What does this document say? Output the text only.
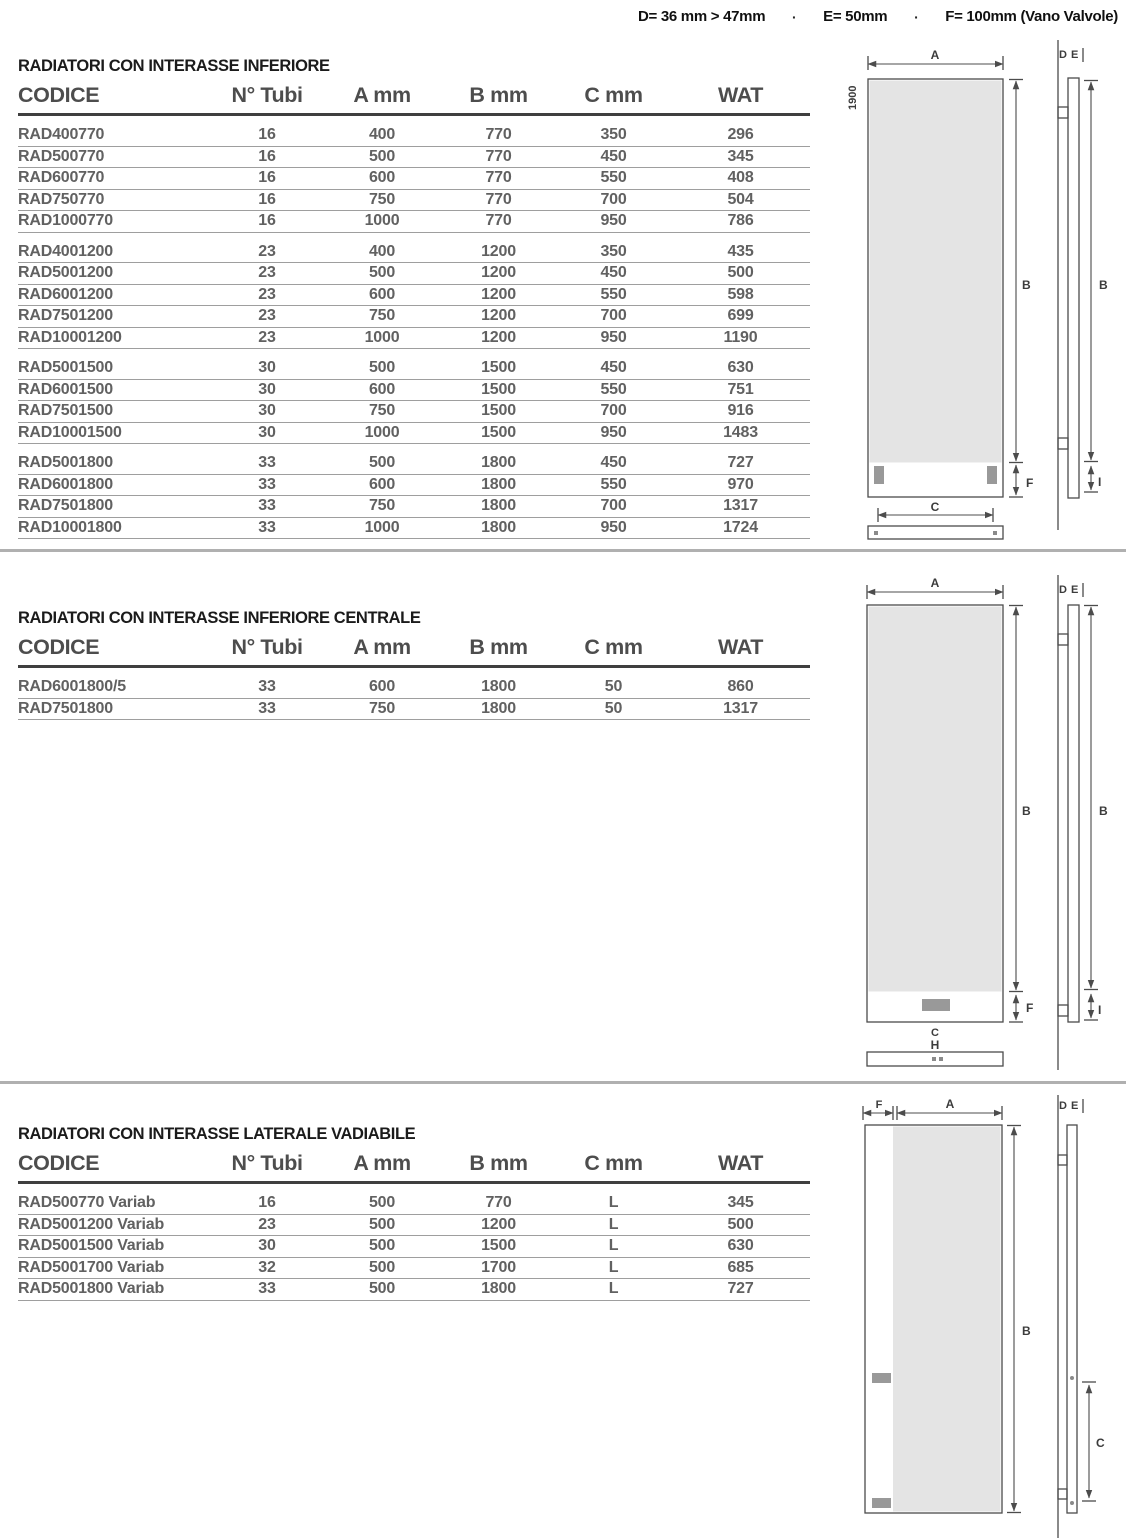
D= 36 mm > 47mm · E= 50mm · F= 100mm (Vano Valvole)
RADIATORI CON INTERASSE INFERIORE
CODICE	N° Tubi	A mm	B mm	C mm	WAT
RAD400770	16	400	770	350	296
RAD500770	16	500	770	450	345
RAD600770	16	600	770	550	408
RAD750770	16	750	770	700	504
RAD1000770	16	1000	770	950	786
RAD4001200	23	400	1200	350	435
RAD5001200	23	500	1200	450	500
RAD6001200	23	600	1200	550	598
RAD7501200	23	750	1200	700	699
RAD10001200	23	1000	1200	950	1190
RAD5001500	30	500	1500	450	630
RAD6001500	30	600	1500	550	751
RAD7501500	30	750	1500	700	916
RAD10001500	30	1000	1500	950	1483
RAD5001800	33	500	1800	450	727
RAD6001800	33	600	1800	550	970
RAD7501800	33	750	1800	700	1317
RAD10001800	33	1000	1800	950	1724
RADIATORI CON INTERASSE INFERIORE CENTRALE
CODICE	N° Tubi	A mm	B mm	C mm	WAT
RAD6001800/5	33	600	1800	50	860
RAD7501800	33	750	1800	50	1317
RADIATORI CON INTERASSE LATERALE VADIABILE
CODICE	N° Tubi	A mm	B mm	C mm	WAT
RAD500770 Variab	16	500	770	L	345
RAD5001200 Variab	23	500	1200	L	500
RAD5001500 Variab	30	500	1500	L	630
RAD5001700 Variab	32	500	1700	L	685
RAD5001800 Variab	33	500	1800	L	727
A
1900
B
F
C
D E
B
I
A
B
F
C
H
D E
B
I
F	A
B
D E
C
